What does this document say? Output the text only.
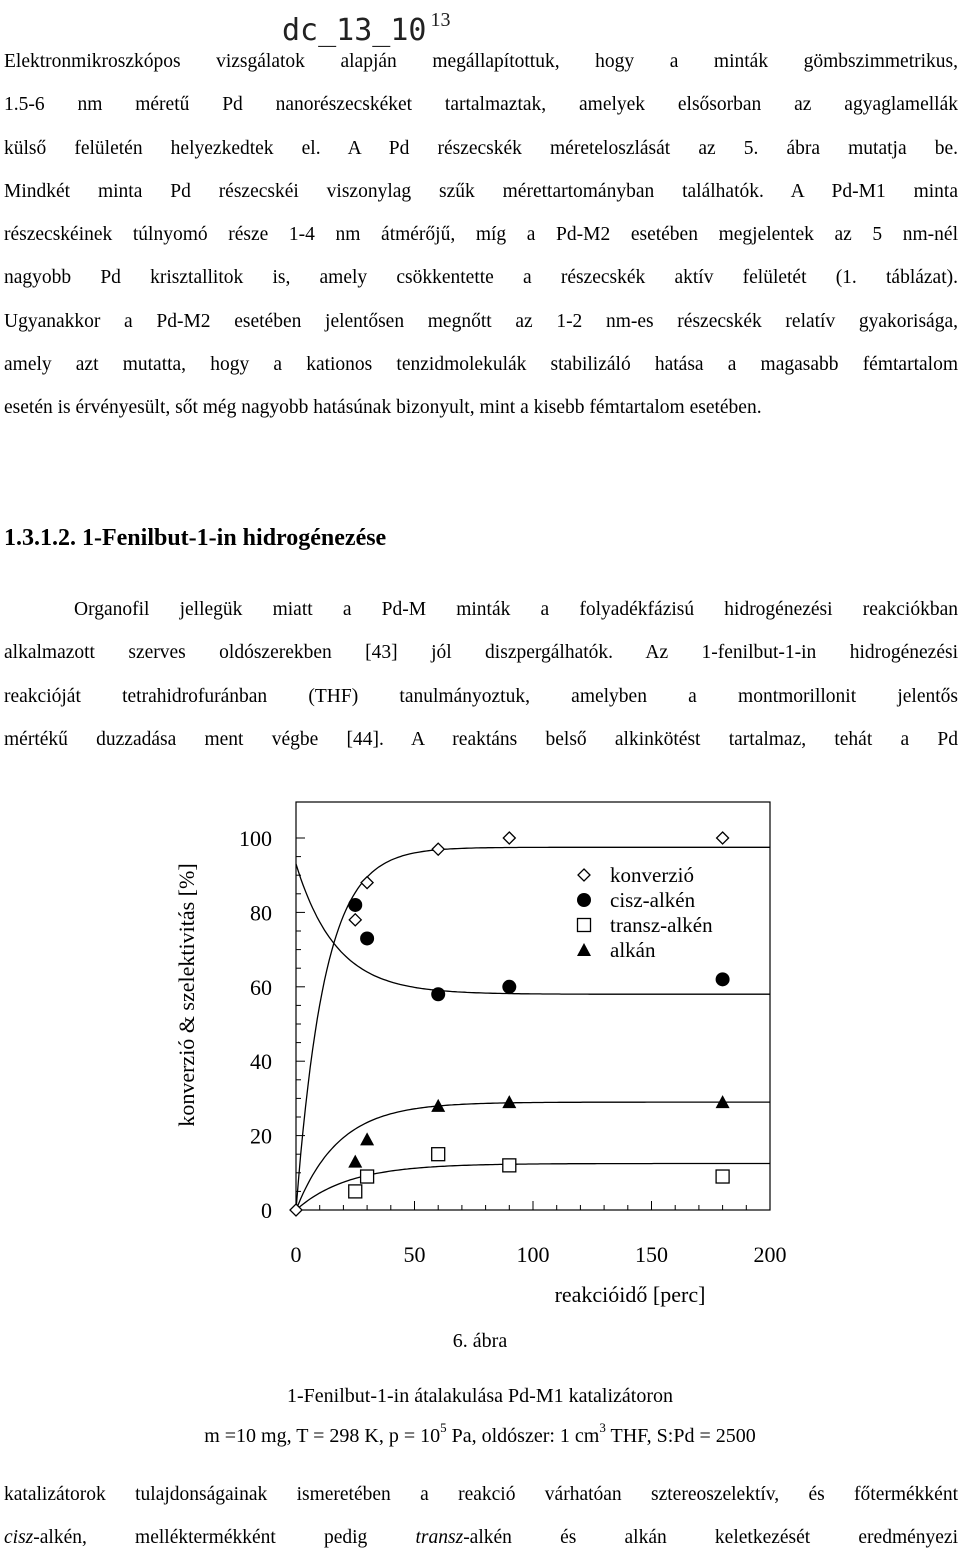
dc_13_10 $^{13}$
Elektronmikroszkópos vizsgálatok alapján megállapítottuk, hogy a minták gömbszimmetrikus,
1.5-6 nm méretű Pd nanorészecskéket tartalmaztak, amelyek elsősorban az agyaglamellák
külső felületén helyezkedtek el. A Pd részecskék méreteloszlását az 5. ábra mutatja be.
Mindkét minta Pd részecskéi viszonylag szűk mérettartományban találhatók. A Pd-M1 minta
részecskéinek túlnyomó része 1-4 nm átmérőjű, míg a Pd-M2 esetében megjelentek az 5 nm-nél
nagyobb Pd krisztallitok is, amely csökkentette a részecskék aktív felületét (1. táblázat).
Ugyanakkor a Pd-M2 esetében jelentősen megnőtt az 1-2 nm-es részecskék relatív gyakorisága,
amely azt mutatta, hogy a kationos tenzidmolekulák stabilizáló hatása a magasabb fémtartalom
esetén is érvényesült, sőt még nagyobb hatásúnak bizonyult, mint a kisebb fémtartalom esetében.
1.3.1.2. 1-Fenilbut-1-in hidrogénezése
Organofil jellegük miatt a Pd-M minták a folyadékfázisú hidrogénezési reakciókban
alkalmazott szerves oldószerekben [43] jól diszpergálhatók. Az 1-fenilbut-1-in hidrogénezési
reakcióját tetrahidrofuránban (THF) tanulmányoztuk, amelyben a montmorillonit jelentős
mértékű duzzadása ment végbe [44]. A reaktáns belső alkinkötést tartalmaz, tehát a Pd
0
20
40
60
80
100
0	50	100	150	200
konverzió & szelektivitás [%]
reakcióidő [perc]
konverzió
cisz-alkén
transz-alkén
alkán
6. ábra
1-Fenilbut-1-in átalakulása Pd-M1 katalizátoron
m =10 mg, T = 298 K, $p = 10^5$ Pa, oldószer: 1 $cm^3$ THF, S:Pd = 2500
katalizátorok tulajdonságainak ismeretében a reakció várhatóan sztereoszelektív, és főtermékként
cisz-alkén, melléktermékként pedig transz-alkén és alkán keletkezését eredményezi
